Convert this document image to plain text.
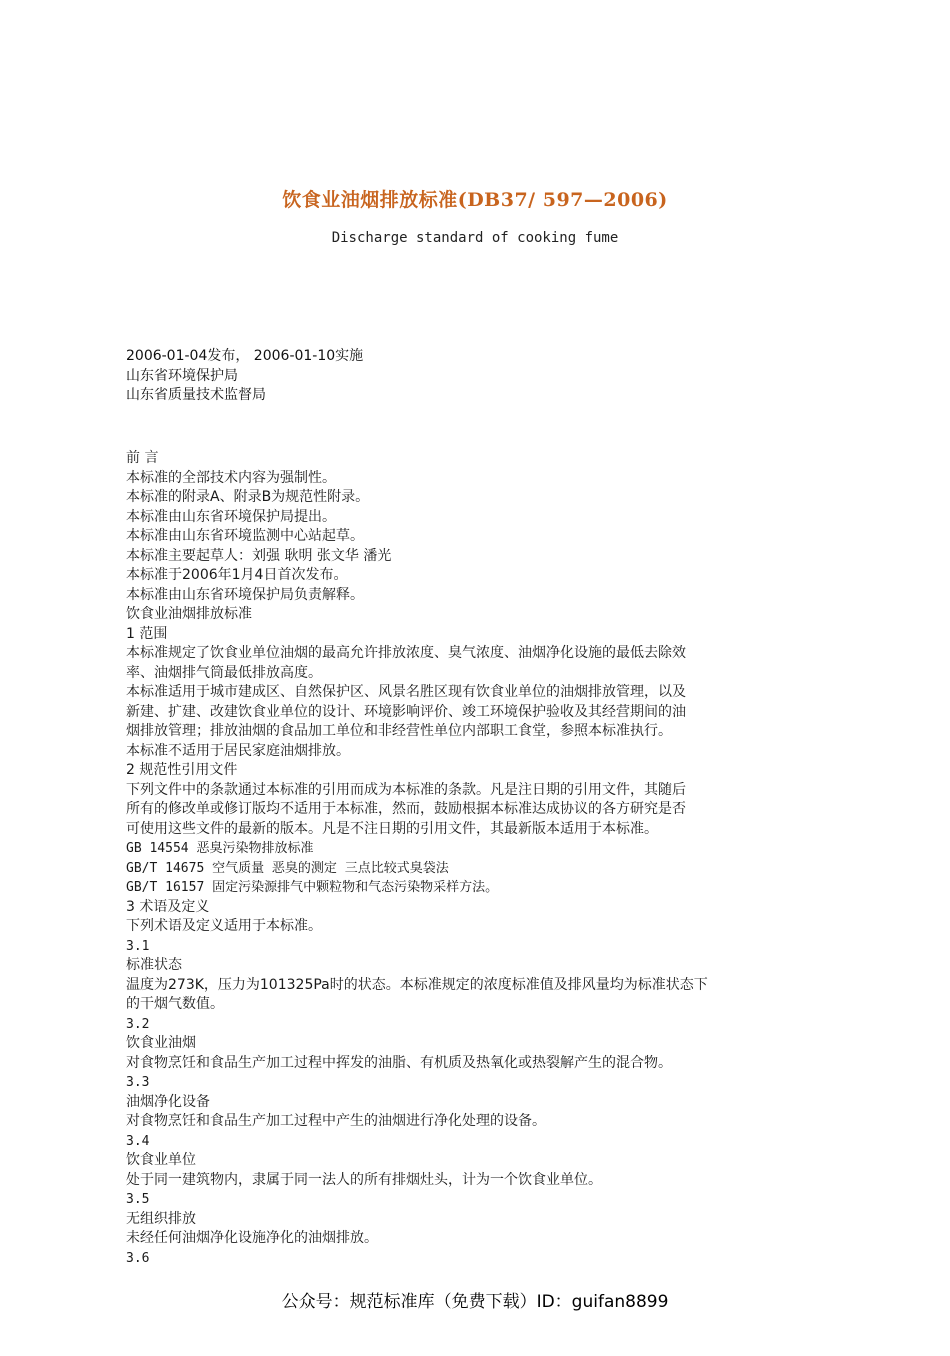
饮食业油烟排放标准(DB37/ 597—2006)
Discharge standard of cooking fume
2006-01-04发布， 2006-01-10实施
山东省环境保护局
山东省质量技术监督局
前 言
本标准的全部技术内容为强制性。
本标准的附录A、附录B为规范性附录。
本标准由山东省环境保护局提出。
本标准由山东省环境监测中心站起草。
本标准主要起草人：刘强 耿明 张文华 潘光
本标准于2006年1月4日首次发布。
本标准由山东省环境保护局负责解释。
饮食业油烟排放标准
1 范围
本标准规定了饮食业单位油烟的最高允许排放浓度、臭气浓度、油烟净化设施的最低去除效
率、油烟排气筒最低排放高度。
本标准适用于城市建成区、自然保护区、风景名胜区现有饮食业单位的油烟排放管理，以及
新建、扩建、改建饮食业单位的设计、环境影响评价、竣工环境保护验收及其经营期间的油
烟排放管理；排放油烟的食品加工单位和非经营性单位内部职工食堂，参照本标准执行。
本标准不适用于居民家庭油烟排放。
2 规范性引用文件
下列文件中的条款通过本标准的引用而成为本标准的条款。凡是注日期的引用文件，其随后
所有的修改单或修订版均不适用于本标准，然而，鼓励根据本标准达成协议的各方研究是否
可使用这些文件的最新的版本。凡是不注日期的引用文件，其最新版本适用于本标准。
GB 14554 恶臭污染物排放标准
GB/T 14675 空气质量 恶臭的测定 三点比较式臭袋法
GB/T 16157 固定污染源排气中颗粒物和气态污染物采样方法。
3 术语及定义
下列术语及定义适用于本标准。
3.1
标准状态
温度为273K，压力为101325Pa时的状态。本标准规定的浓度标准值及排风量均为标准状态下
的干烟气数值。
3.2
饮食业油烟
对食物烹饪和食品生产加工过程中挥发的油脂、有机质及热氧化或热裂解产生的混合物。
3.3
油烟净化设备
对食物烹饪和食品生产加工过程中产生的油烟进行净化处理的设备。
3.4
饮食业单位
处于同一建筑物内，隶属于同一法人的所有排烟灶头，计为一个饮食业单位。
3.5
无组织排放
未经任何油烟净化设施净化的油烟排放。
3.6
公众号：规范标准库（免费下载）ID：guifan8899
